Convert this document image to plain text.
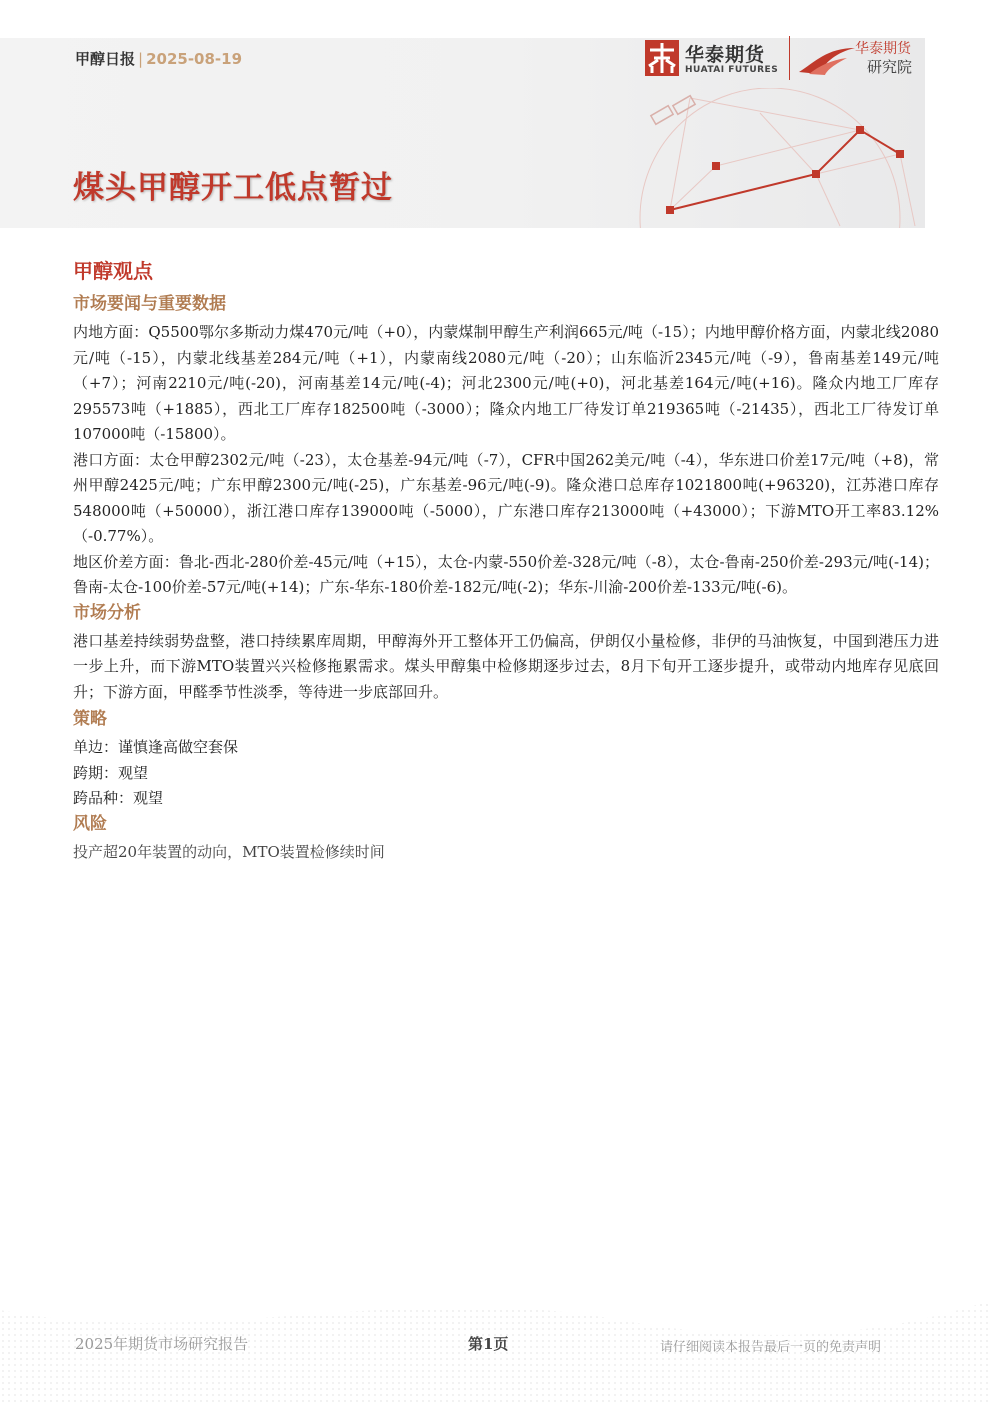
甲醇日报 | 2025-08-19	华泰期货
HUATAI FUTURES
华泰期货
研究院
煤头甲醇开工低点暂过
甲醇观点
市场要闻与重要数据

内地方面：Q5500鄂尔多斯动力煤470元/吨（+0），内蒙煤制甲醇生产利润665元/吨（-15）；内地甲醇价格方面，内蒙北线2080元/吨（-15），内蒙北线基差284元/吨（+1），内蒙南线2080元/吨（-20）；山东临沂2345元/吨（-9），鲁南基差149元/吨（+7）；河南2210元/吨(-20)，河南基差14元/吨(-4)；河北2300元/吨(+0)，河北基差164元/吨(+16)。隆众内地工厂库存295573吨（+1885），西北工厂库存182500吨（-3000）；隆众内地工厂待发订单219365吨（-21435），西北工厂待发订单107000吨（-15800）。

港口方面：太仓甲醇2302元/吨（-23），太仓基差-94元/吨（-7），CFR中国262美元/吨（-4），华东进口价差17元/吨（+8)，常州甲醇2425元/吨；广东甲醇2300元/吨(-25)，广东基差-96元/吨(-9)。隆众港口总库存1021800吨(+96320)，江苏港口库存548000吨（+50000），浙江港口库存139000吨（-5000），广东港口库存213000吨（+43000）；下游MTO开工率83.12%（-0.77%）。

地区价差方面：鲁北-西北-280价差-45元/吨（+15），太仓-内蒙-550价差-328元/吨（-8），太仓-鲁南-250价差-293元/吨(-14)；鲁南-太仓-100价差-57元/吨(+14)；广东-华东-180价差-182元/吨(-2)；华东-川渝-200价差-133元/吨(-6)。

市场分析

港口基差持续弱势盘整，港口持续累库周期，甲醇海外开工整体开工仍偏高，伊朗仅小量检修，非伊的马油恢复，中国到港压力进一步上升，而下游MTO装置兴兴检修拖累需求。煤头甲醇集中检修期逐步过去，8月下旬开工逐步提升，或带动内地库存见底回升；下游方面，甲醛季节性淡季，等待进一步底部回升。

策略

单边：谨慎逢高做空套保

跨期：观望

跨品种：观望

风险

投产超20年装置的动向，MTO装置检修续时间

2025年期货市场研究报告	第1页	请仔细阅读本报告最后一页的免责声明
